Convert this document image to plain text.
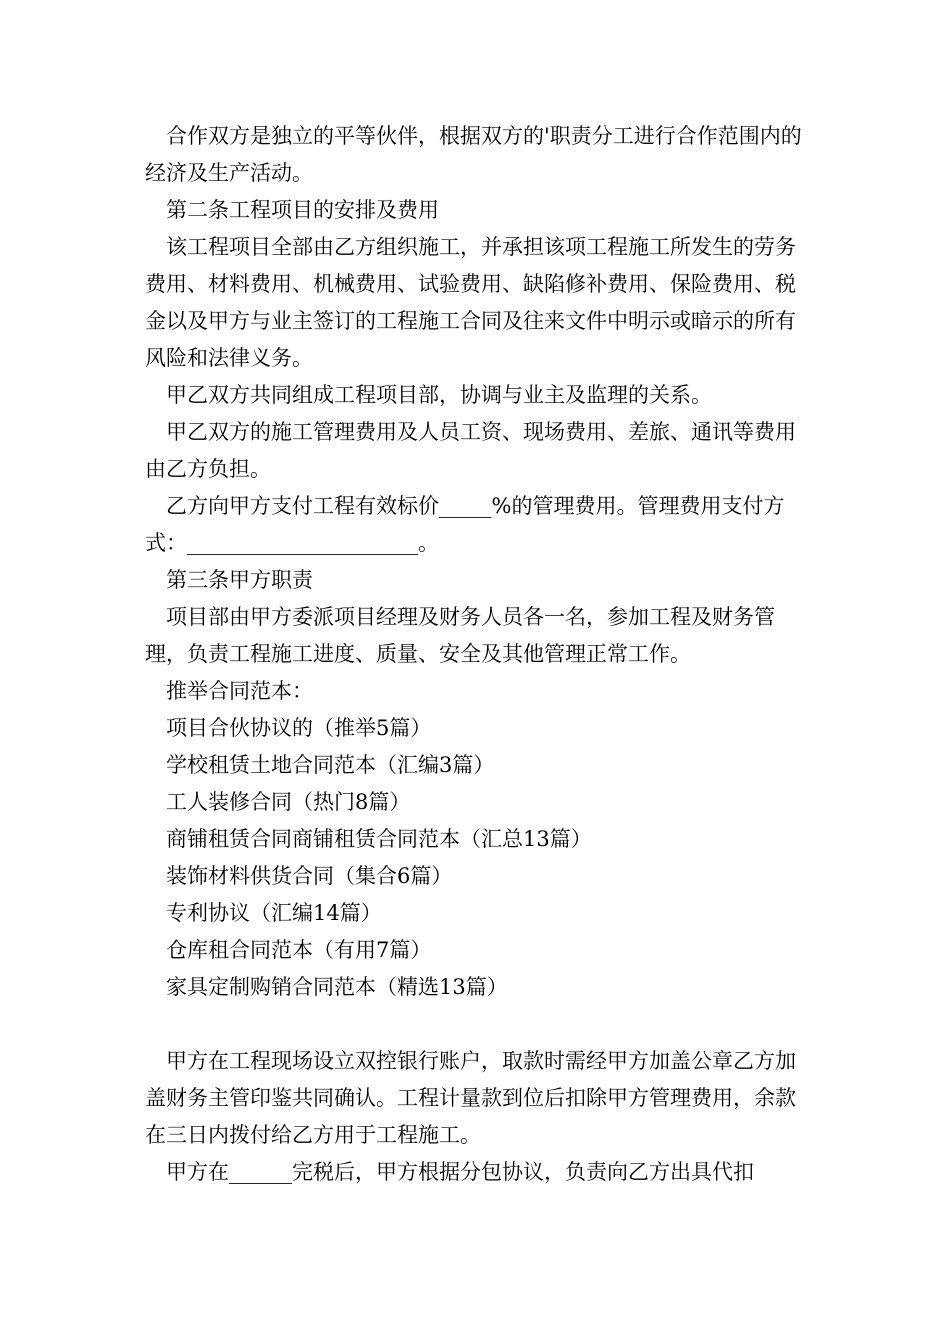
合作双方是独立的平等伙伴，根据双方的'职责分工进行合作范围内的经济及生产活动。

第二条工程项目的安排及费用

该工程项目全部由乙方组织施工，并承担该项工程施工所发生的劳务费用、材料费用、机械费用、试验费用、缺陷修补费用、保险费用、税金以及甲方与业主签订的工程施工合同及往来文件中明示或暗示的所有风险和法律义务。

甲乙双方共同组成工程项目部，协调与业主及监理的关系。

甲乙双方的施工管理费用及人员工资、现场费用、差旅、通讯等费用由乙方负担。

乙方向甲方支付工程有效标价_____%的管理费用。管理费用支付方式：______________________。

第三条甲方职责

项目部由甲方委派项目经理及财务人员各一名，参加工程及财务管理，负责工程施工进度、质量、安全及其他管理正常工作。

推举合同范本：

项目合伙协议的（推举5篇）

学校租赁土地合同范本（汇编3篇）

工人装修合同（热门8篇）

商铺租赁合同商铺租赁合同范本（汇总13篇）

装饰材料供货合同（集合6篇）

专利协议（汇编14篇）

仓库租合同范本（有用7篇）

家具定制购销合同范本（精选13篇）

甲方在工程现场设立双控银行账户，取款时需经甲方加盖公章乙方加盖财务主管印鉴共同确认。工程计量款到位后扣除甲方管理费用，余款在三日内拨付给乙方用于工程施工。

甲方在______完税后，甲方根据分包协议，负责向乙方出具代扣
